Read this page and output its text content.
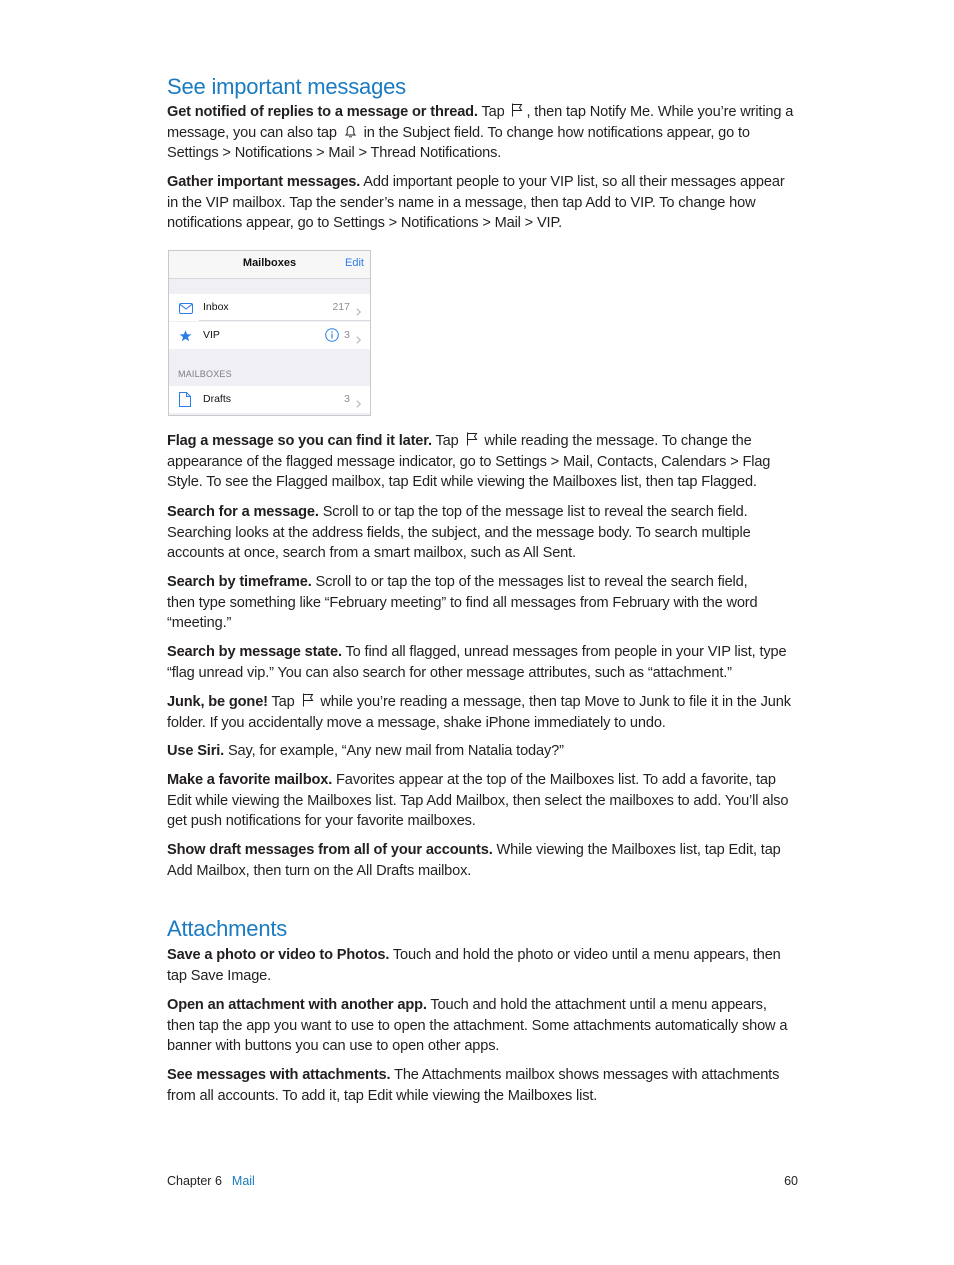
See important messages

Get notified of replies to a message or thread. Tap
, then tap Notify Me. While you’re writing a message, you can also tap
in the Subject field. To change how notifications appear, go to Settings > Notifications > Mail > Thread Notifications.

Gather important messages. Add important people to your VIP list, so all their messages appear in the VIP mailbox. Tap the sender’s name in a message, then tap Add to VIP. To change how notifications appear, go to Settings > Notifications > Mail > VIP.

Flag a message so you can find it later. Tap
while reading the message. To change the appearance of the flagged message indicator, go to Settings > Mail, Contacts, Calendars > Flag Style. To see the Flagged mailbox, tap Edit while viewing the Mailboxes list, then tap Flagged.

Search for a message. Scroll to or tap the top of the message list to reveal the search field. Searching looks at the address fields, the subject, and the message body. To search multiple accounts at once, search from a smart mailbox, such as All Sent.

Search by timeframe. Scroll to or tap the top of the messages list to reveal the search field, then type something like “February meeting” to find all messages from February with the word “meeting.”

Search by message state. To find all flagged, unread messages from people in your VIP list, type “flag unread vip.” You can also search for other message attributes, such as “attachment.”

Junk, be gone! Tap
while you’re reading a message, then tap Move to Junk to file it in the Junk folder. If you accidentally move a message, shake iPhone immediately to undo.

Use Siri. Say, for example, “Any new mail from Natalia today?”

Make a favorite mailbox. Favorites appear at the top of the Mailboxes list. To add a favorite, tap Edit while viewing the Mailboxes list. Tap Add Mailbox, then select the mailboxes to add. You’ll also get push notifications for your favorite mailboxes.

Show draft messages from all of your accounts. While viewing the Mailboxes list, tap Edit, tap Add Mailbox, then turn on the All Drafts mailbox.

Attachments

Save a photo or video to Photos. Touch and hold the photo or video until a menu appears, then tap Save Image.

Open an attachment with another app. Touch and hold the attachment until a menu appears, then tap the app you want to use to open the attachment. Some attachments automatically show a banner with buttons you can use to open other apps.

See messages with attachments. The Attachments mailbox shows messages with attachments from all accounts. To add it, tap Edit while viewing the Mailboxes list.

Mailboxes	Edit
Inbox	217
VIP	3
MAILBOXES
Drafts	3
Chapter 6 Mail	60
